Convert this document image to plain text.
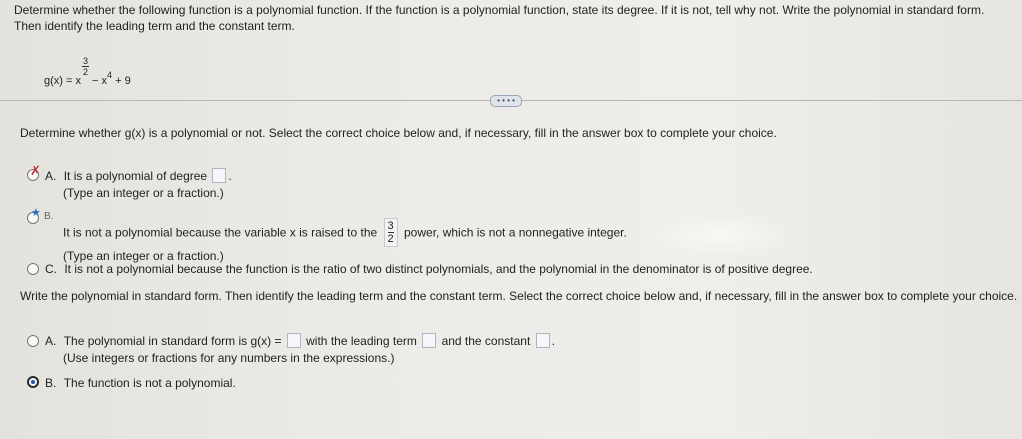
Determine whether the following function is a polynomial function. If the function is a polynomial function, state its degree. If it is not, tell why not. Write the polynomial in standard form. Then identify the leading term and the constant term.
g(x) = x
$\frac{3}{2}$
− $x^4 + 9$
• • • •
Determine whether g(x) is a polynomial or not. Select the correct choice below and, if necessary, fill in the answer box to complete your choice.
✗ A. It is a polynomial of degree .
(Type an integer or a fraction.)
★ B.
It is not a polynomial because the variable x is raised to the $\frac{3}{2}$ power, which is not a nonnegative integer.
(Type an integer or a fraction.)
C. It is not a polynomial because the function is the ratio of two distinct polynomials, and the polynomial in the denominator is of positive degree.
Write the polynomial in standard form. Then identify the leading term and the constant term. Select the correct choice below and, if necessary, fill in the answer box to complete your choice.
A. The polynomial in standard form is g(x) = with the leading term and the constant .
(Use integers or fractions for any numbers in the expressions.)
B. The function is not a polynomial.
